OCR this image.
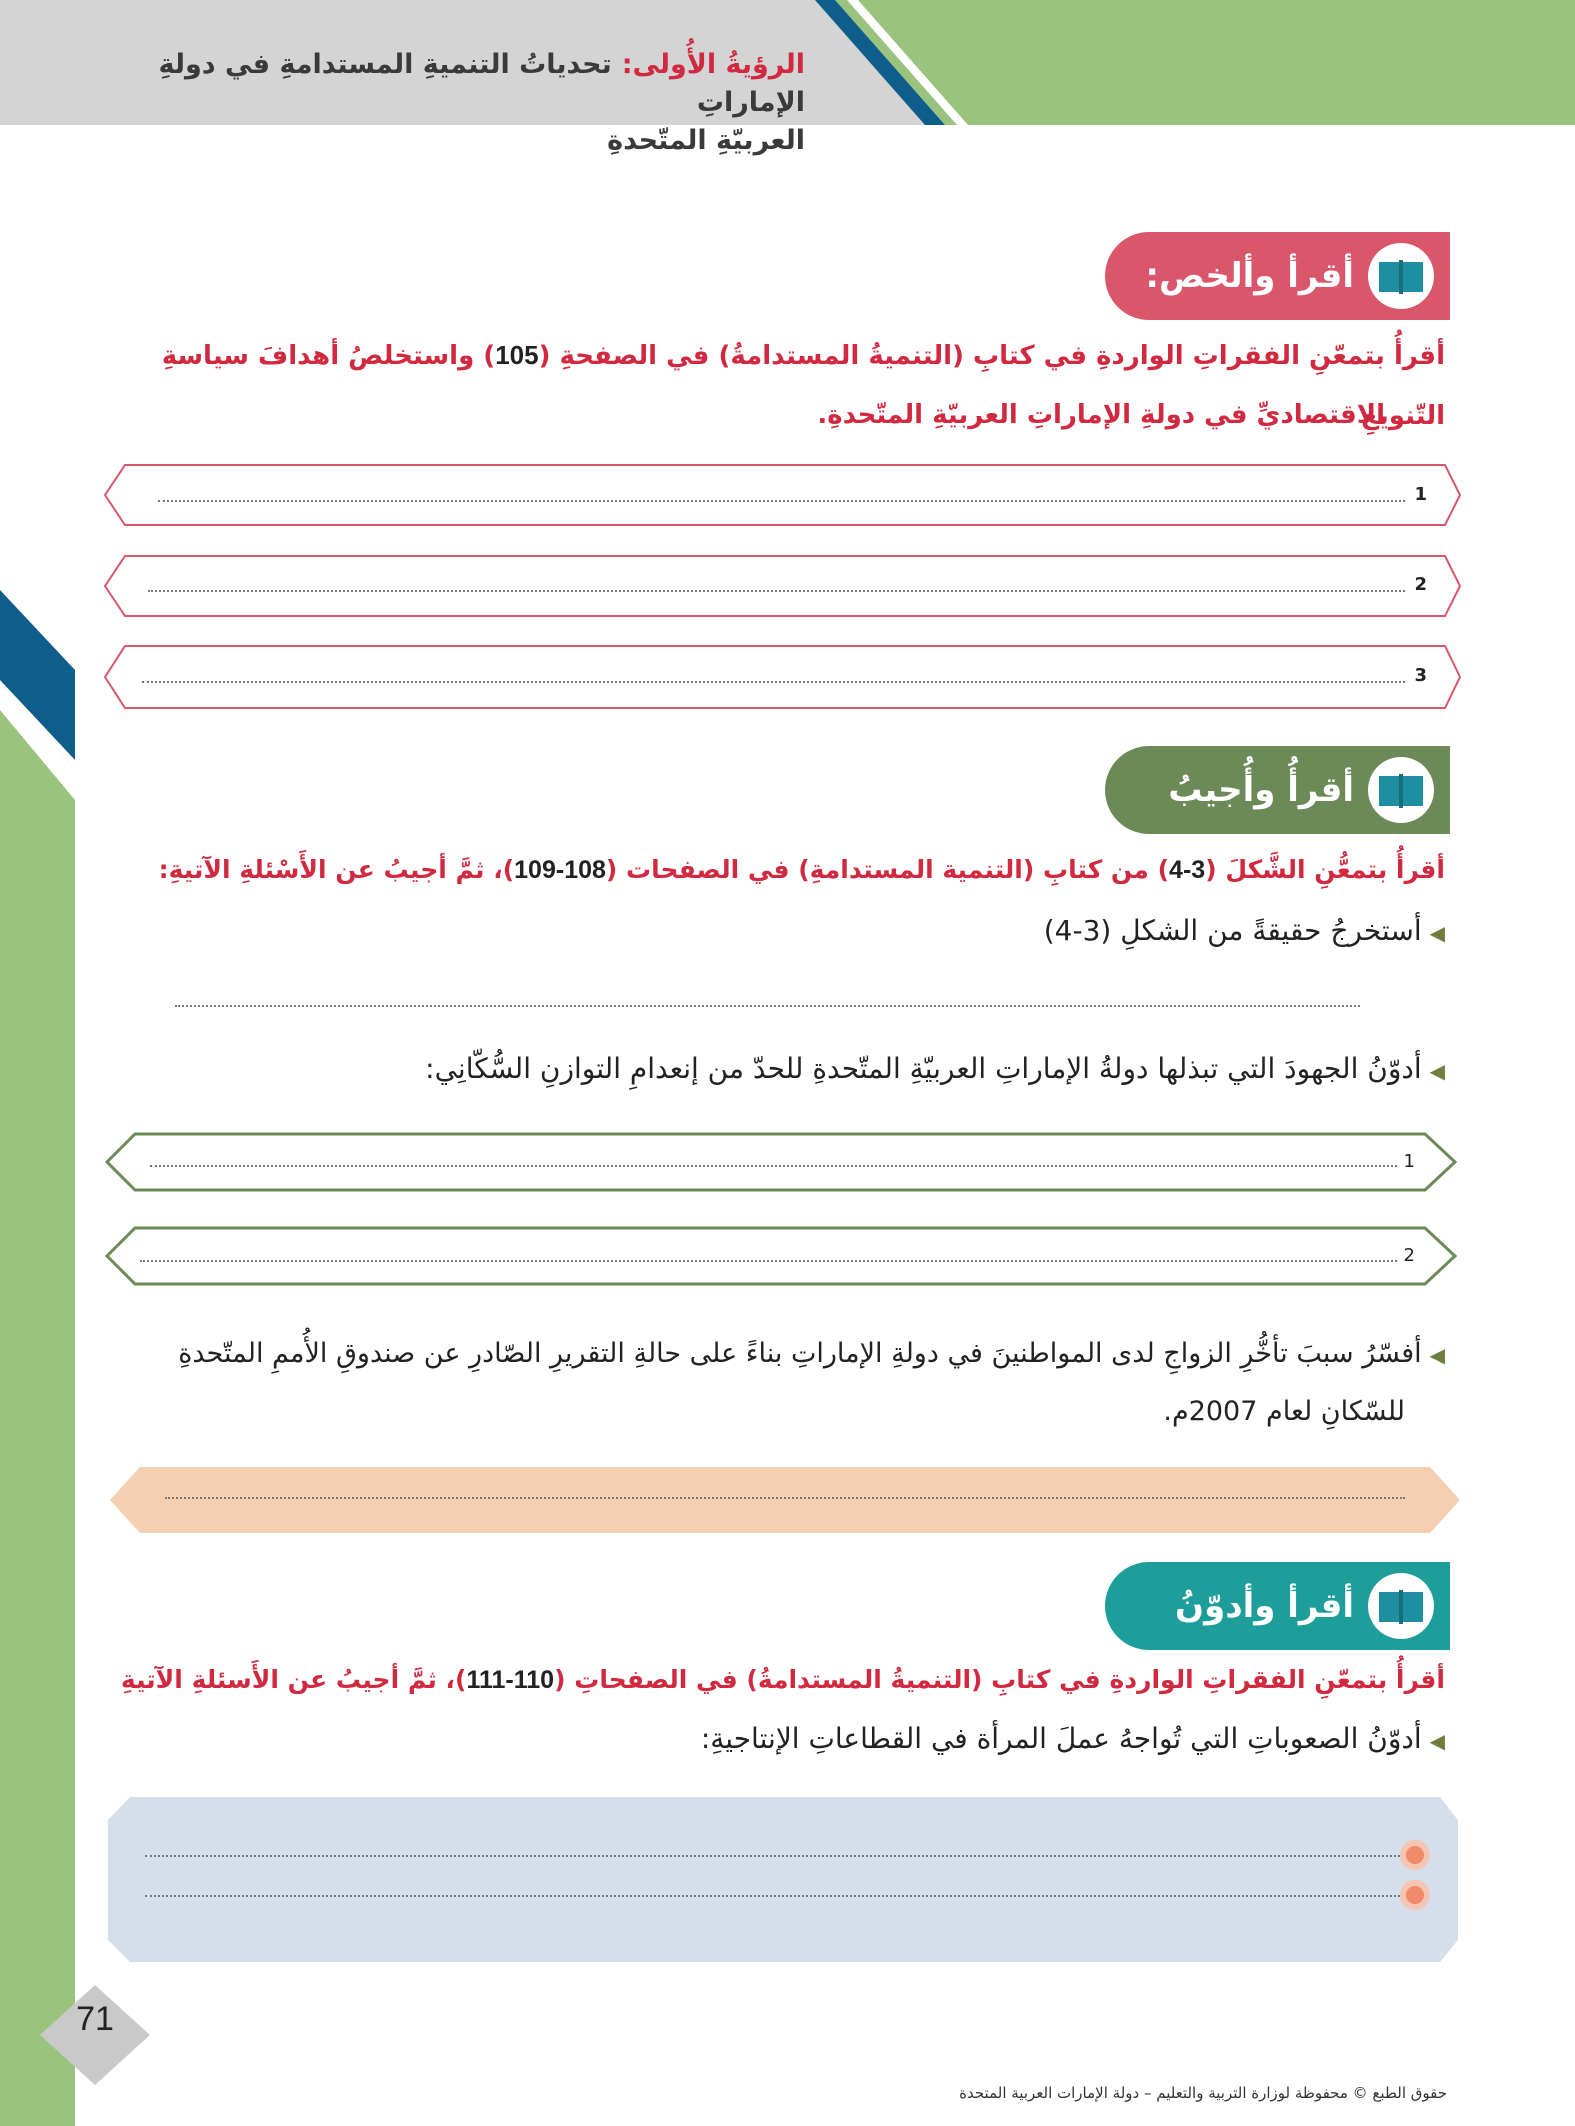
الرؤيةُ الأُولى:تحدياتُ التنميةِ المستدامةِ في دولةِ الإماراتِ
العربيّةِ المتّحدةِ
أقرأ وألخص:
أقرأُ بتمعّنِ الفقراتِ الواردةِ في كتابِ (التنميةُ المستدامةُ) في الصفحةِ (105) واستخلصُ أهدافَ سياسةِ التّنويعِ
الاقتصاديِّ في دولةِ الإماراتِ العربيّةِ المتّحدةِ.
1
2
3
أقرأُ وأُجيبُ
أقرأُ بتمعُّنِ الشَّكلَ (3-4) من كتابِ (التنمية المستدامةِ) في الصفحات (108-109)، ثمَّ أجيبُ عن الأَسْئلةِ الآتيةِ:
◀أستخرجُ حقيقةً من الشكلِ (3-4)
◀أدوّنُ الجهودَ التي تبذلها دولةُ الإماراتِ العربيّةِ المتّحدةِ للحدّ من إنعدامِ التوازنِ السُّكّانِي:
1
2
◀أفسّرُ سببَ تأخُّرِ الزواجِ لدى المواطنينَ في دولةِ الإماراتِ بناءً على حالةِ التقريرِ الصّادرِ عن صندوقِ الأُممِ المتّحدةِ
للسّكانِ لعام 2007م.
أقرأ وأدوّنُ
أقرأُ بتمعّنِ الفقراتِ الواردةِ في كتابِ (التنميةُ المستدامةُ) في الصفحاتِ (110-111)، ثمَّ أجيبُ عن الأَسئلةِ الآتيةِ
◀أدوّنُ الصعوباتِ التي تُواجهُ عملَ المرأة في القطاعاتِ الإنتاجيةِ:
71
حقوق الطبع © محفوظة لوزارة التربية والتعليم – دولة الإمارات العربية المتحدة
